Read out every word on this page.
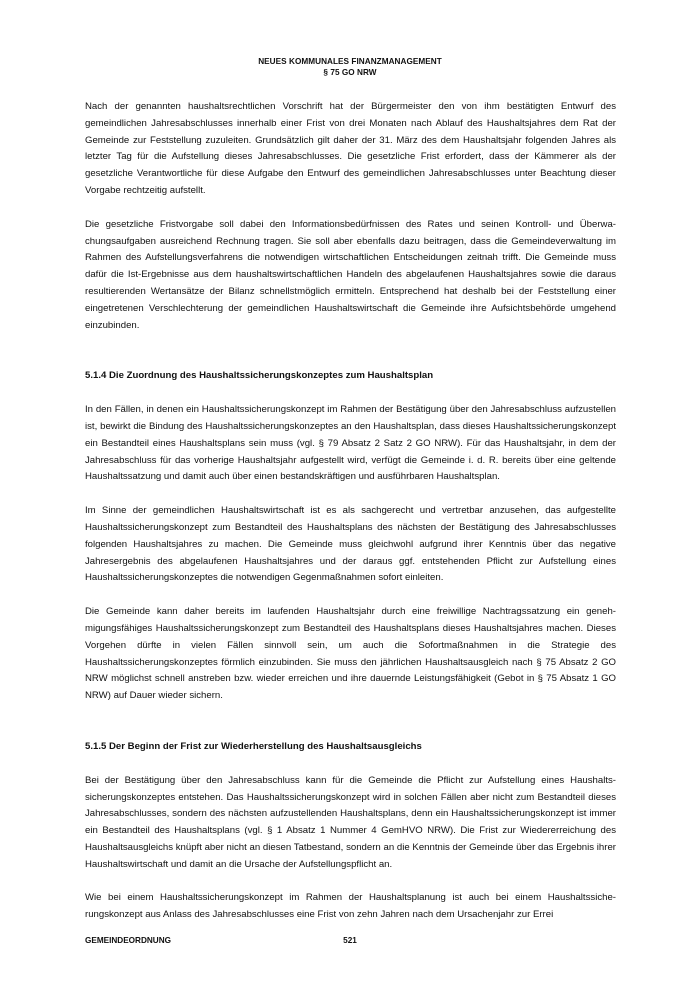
NEUES KOMMUNALES FINANZMANAGEMENT
§ 75 GO NRW

Nach der genannten haushaltsrechtlichen Vorschrift hat der Bürgermeister den von ihm bestätigten Entwurf des gemeindlichen Jahresabschlusses innerhalb einer Frist von drei Monaten nach Ablauf des Haushaltsjahres dem Rat der Gemeinde zur Feststellung zuzuleiten. Grundsätzlich gilt daher der 31. März des dem Haushaltsjahr folgenden Jahres als letzter Tag für die Aufstellung dieses Jahresabschlusses. Die gesetzliche Frist erfordert, dass der Kämmerer als der gesetzliche Verantwortliche für diese Aufgabe den Entwurf des gemeindlichen Jahresabschlusses unter Beachtung dieser Vorgabe rechtzeitig aufstellt.

Die gesetzliche Fristvorgabe soll dabei den Informationsbedürfnissen des Rates und seinen Kontroll- und Überwachungsaufgaben ausreichend Rechnung tragen. Sie soll aber ebenfalls dazu beitragen, dass die Gemeindeverwaltung im Rahmen des Aufstellungsverfahrens die notwendigen wirtschaftlichen Entscheidungen zeitnah trifft. Die Gemeinde muss dafür die Ist-Ergebnisse aus dem haushaltswirtschaftlichen Handeln des abgelaufenen Haushaltsjahres sowie die daraus resultierenden Wertansätze der Bilanz schnellstmöglich ermitteln. Entsprechend hat deshalb bei der Feststellung einer eingetretenen Verschlechterung der gemeindlichen Haushaltswirtschaft die Gemeinde ihre Aufsichtsbehörde umgehend einzubinden.

5.1.4 Die Zuordnung des Haushaltssicherungskonzeptes zum Haushaltsplan

In den Fällen, in denen ein Haushaltssicherungskonzept im Rahmen der Bestätigung über den Jahresabschluss aufzustellen ist, bewirkt die Bindung des Haushaltssicherungskonzeptes an den Haushaltsplan, dass dieses Haushaltssicherungskonzept ein Bestandteil eines Haushaltsplans sein muss (vgl. § 79 Absatz 2 Satz 2 GO NRW). Für das Haushaltsjahr, in dem der Jahresabschluss für das vorherige Haushaltsjahr aufgestellt wird, verfügt die Gemeinde i. d. R. bereits über eine geltende Haushaltssatzung und damit auch über einen bestandskräftigen und ausführbaren Haushaltsplan.

Im Sinne der gemeindlichen Haushaltswirtschaft ist es als sachgerecht und vertretbar anzusehen, das aufgestellte Haushaltssicherungskonzept zum Bestandteil des Haushaltsplans des nächsten der Bestätigung des Jahresabschlusses folgenden Haushaltsjahres zu machen. Die Gemeinde muss gleichwohl aufgrund ihrer Kenntnis über das negative Jahresergebnis des abgelaufenen Haushaltsjahres und der daraus ggf. entstehenden Pflicht zur Aufstellung eines Haushaltssicherungskonzeptes die notwendigen Gegenmaßnahmen sofort einleiten.

Die Gemeinde kann daher bereits im laufenden Haushaltsjahr durch eine freiwillige Nachtragssatzung ein genehmigungsfähiges Haushaltssicherungskonzept zum Bestandteil des Haushaltsplans dieses Haushaltsjahres machen. Dieses Vorgehen dürfte in vielen Fällen sinnvoll sein, um auch die Sofortmaßnahmen in die Strategie des Haushaltssicherungskonzeptes förmlich einzubinden. Sie muss den jährlichen Haushaltsausgleich nach § 75 Absatz 2 GO NRW möglichst schnell anstreben bzw. wieder erreichen und ihre dauernde Leistungsfähigkeit (Gebot in § 75 Absatz 1 GO NRW) auf Dauer wieder sichern.

5.1.5 Der Beginn der Frist zur Wiederherstellung des Haushaltsausgleichs

Bei der Bestätigung über den Jahresabschluss kann für die Gemeinde die Pflicht zur Aufstellung eines Haushaltssicherungskonzeptes entstehen. Das Haushaltssicherungskonzept wird in solchen Fällen aber nicht zum Bestandteil dieses Jahresabschlusses, sondern des nächsten aufzustellenden Haushaltsplans, denn ein Haushaltssicherungskonzept ist immer ein Bestandteil des Haushaltsplans (vgl. § 1 Absatz 1 Nummer 4 GemHVO NRW). Die Frist zur Wiedererreichung des Haushaltsausgleichs knüpft aber nicht an diesen Tatbestand, sondern an die Kenntnis der Gemeinde über das Ergebnis ihrer Haushaltswirtschaft und damit an die Ursache der Aufstellungspflicht an.

Wie bei einem Haushaltssicherungskonzept im Rahmen der Haushaltsplanung ist auch bei einem Haushaltssicherungskonzept aus Anlass des Jahresabschlusses eine Frist von zehn Jahren nach dem Ursachenjahr zur Errei

GEMEINDEORDNUNG	521
